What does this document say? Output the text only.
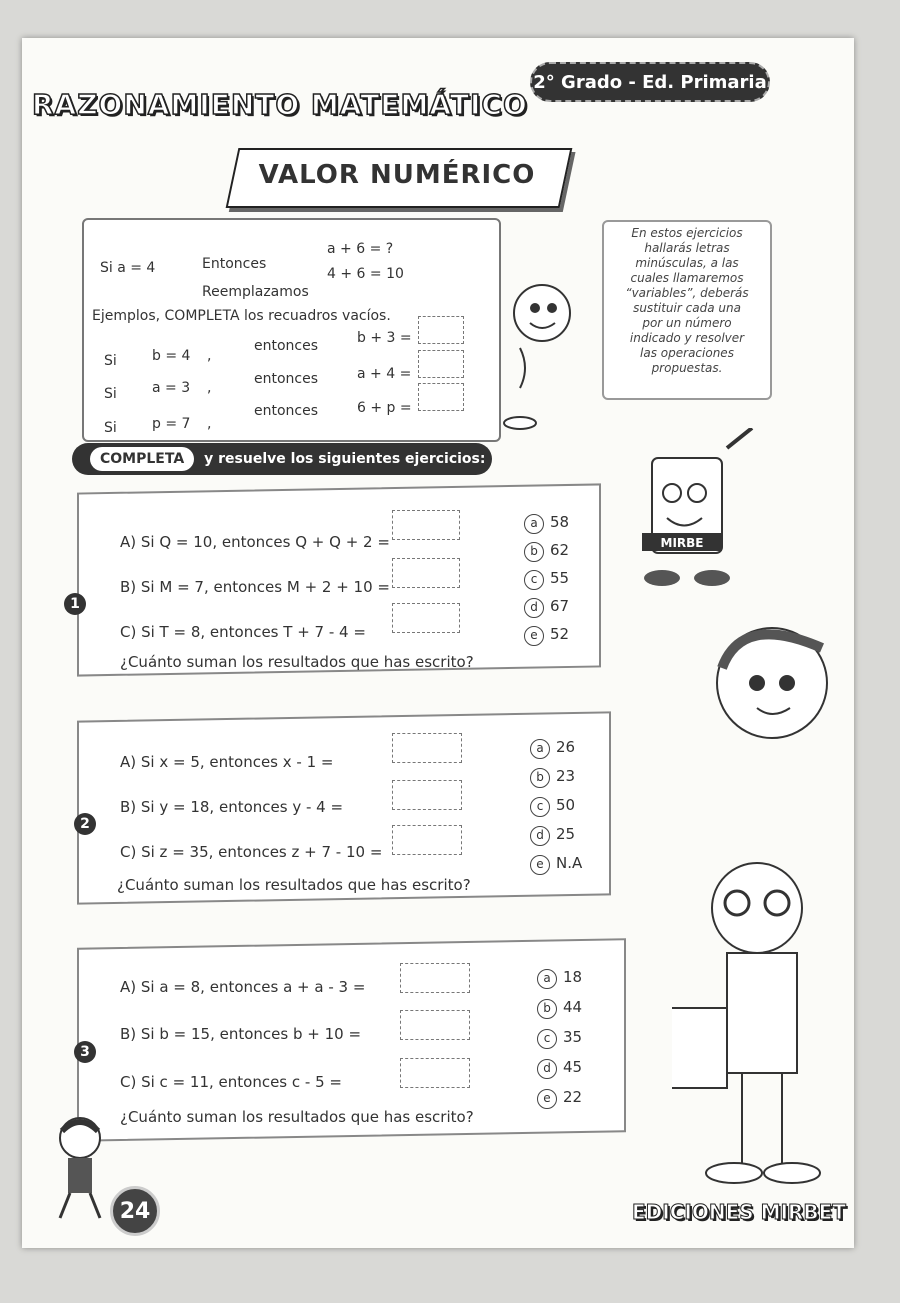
RAZONAMIENTO MATEMÁTICO
2° Grado - Ed. Primaria
VALOR NUMÉRICO
Si a = 4	Entonces
a + 6 = ?
Reemplazamos
4 + 6 = 10
Ejemplos, COMPLETA los recuadros vacíos.
Si	b = 4 ,
entonces	b + 3 =
Si	a = 3 ,
entonces	a + 4 =
Si	p = 7 ,
entonces	6 + p =
En estos ejercicios
hallarás letras
minúsculas, a las
cuales llamaremos
“variables”, deberás
sustituir cada una
por un número
indicado y resolver
las operaciones
propuestas.
COMPLETA	y resuelve los siguientes ejercicios:
MIRBE
1
A) Si Q = 10, entonces Q + Q + 2 =
B) Si M = 7, entonces M + 2 + 10 =
C) Si T = 8, entonces T + 7 - 4 =
¿Cuánto suman los resultados que has escrito?
a 58
b 62
c 55
d 67
e 52
2
A) Si x = 5, entonces x - 1 =
B) Si y = 18, entonces y - 4 =
C) Si z = 35, entonces z + 7 - 10 =
¿Cuánto suman los resultados que has escrito?
a 26
b 23
c 50
d 25
e N.A
3
A) Si a = 8, entonces a + a - 3 =
B) Si b = 15, entonces b + 10 =
C) Si c = 11, entonces c - 5 =
¿Cuánto suman los resultados que has escrito?
a 18
b 44
c 35
d 45
e 22
24	EDICIONES MIRBET
